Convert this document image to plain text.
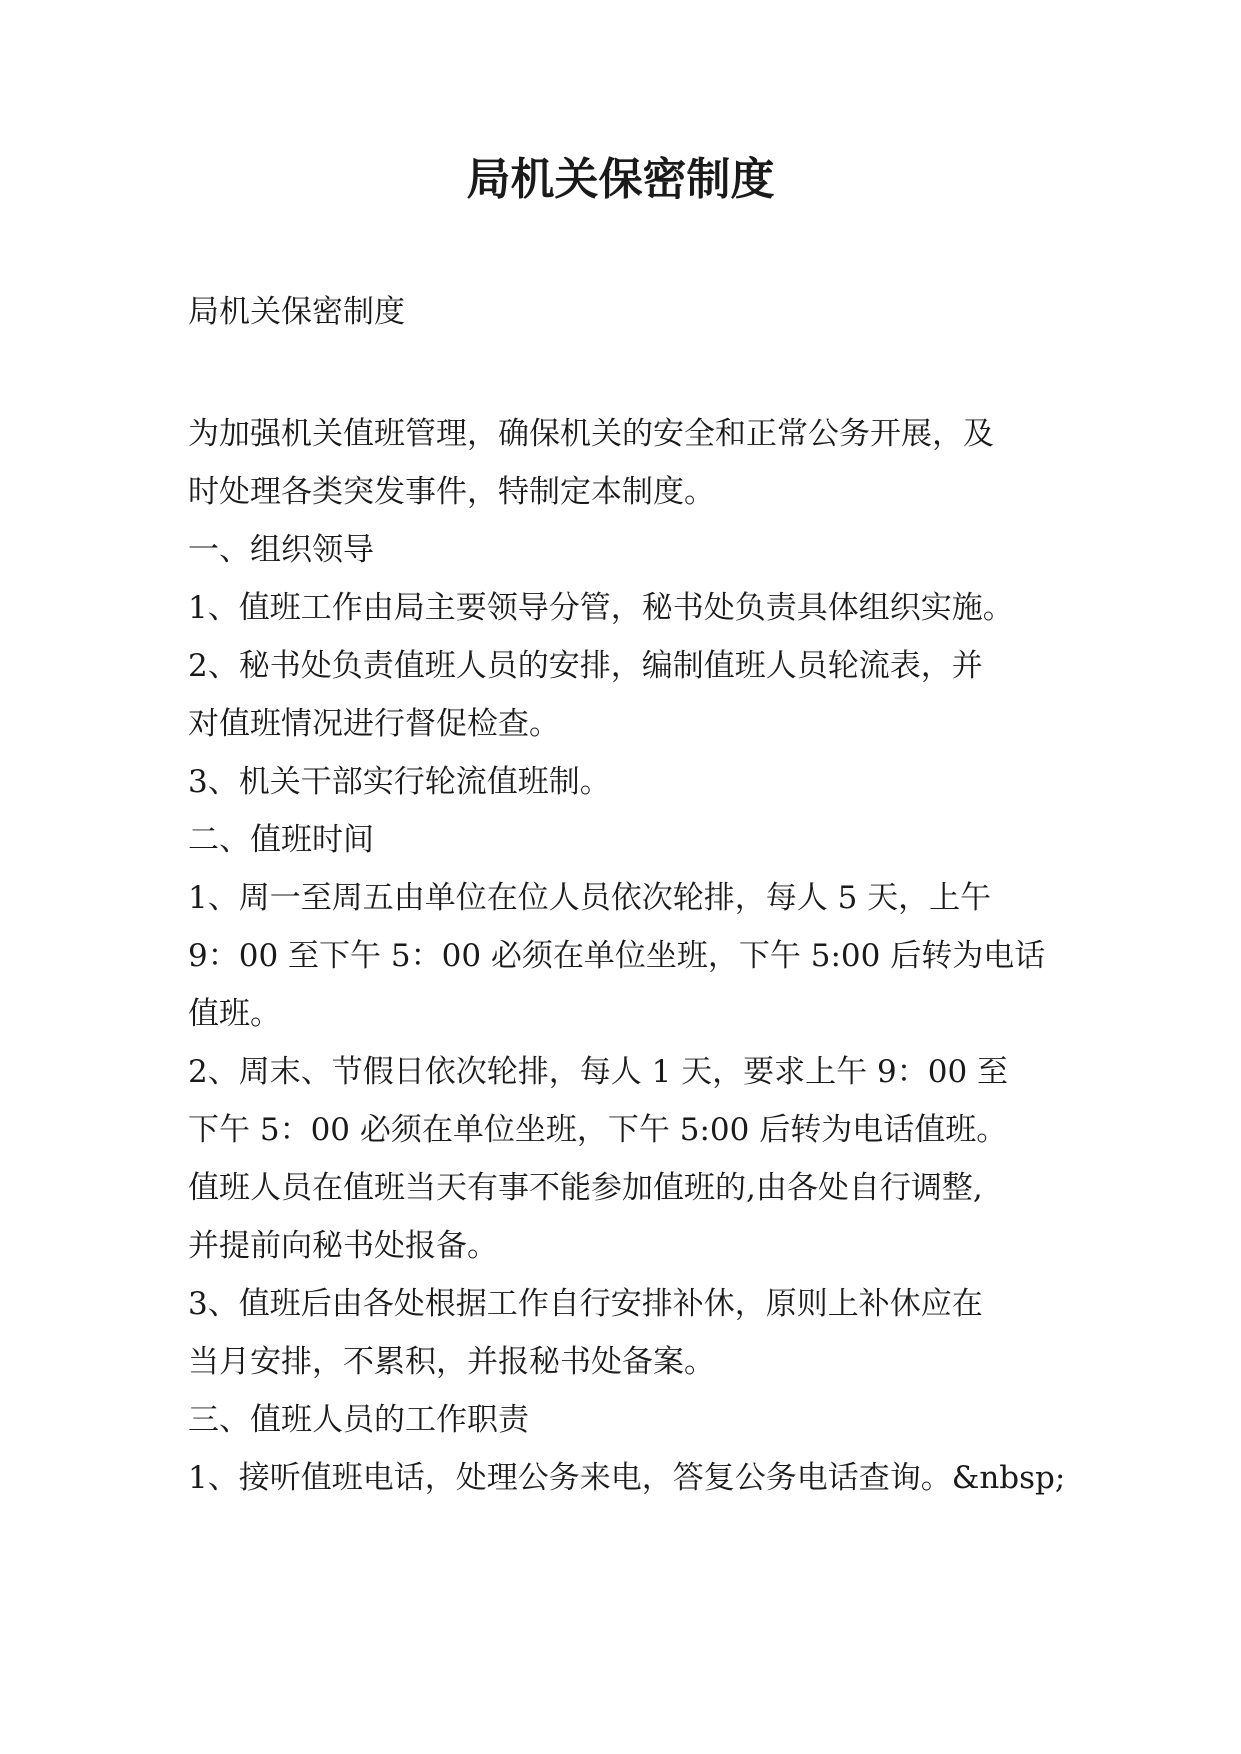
局机关保密制度

局机关保密制度

为加强机关值班管理，确保机关的安全和正常公务开展，及

时处理各类突发事件，特制定本制度。

一、组织领导

1、值班工作由局主要领导分管，秘书处负责具体组织实施。

2、秘书处负责值班人员的安排，编制值班人员轮流表，并

对值班情况进行督促检查。

3、机关干部实行轮流值班制。

二、值班时间

1、周一至周五由单位在位人员依次轮排，每人 5 天，上午

9：00 至下午 5：00 必须在单位坐班，下午 5:00 后转为电话

值班。

2、周末、节假日依次轮排，每人 1 天，要求上午 9：00 至

下午 5：00 必须在单位坐班，下午 5:00 后转为电话值班。

值班人员在值班当天有事不能参加值班的,由各处自行调整,

并提前向秘书处报备。

3、值班后由各处根据工作自行安排补休，原则上补休应在

当月安排，不累积，并报秘书处备案。

三、值班人员的工作职责

1、接听值班电话，处理公务来电，答复公务电话查询。&nbsp;
